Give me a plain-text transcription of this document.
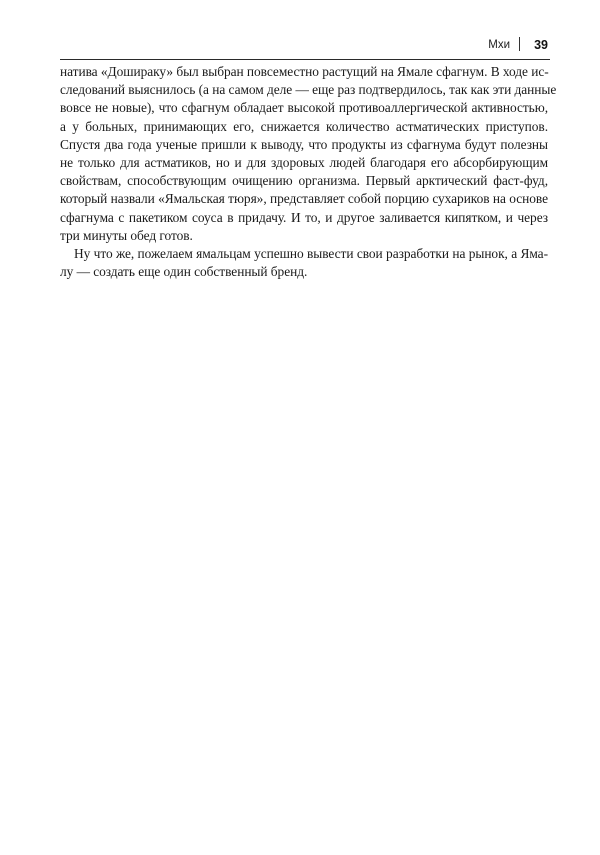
Мхи 39

натива «Дошираку» был выбран повсеместно растущий на Ямале сфагнум. В ходе ис-
следований выяснилось (а на самом деле — еще раз подтвердилось, так как эти данные
вовсе не новые), что сфагнум обладает высокой противоаллергической активностью,
а у больных, принимающих его, снижается количество астматических приступов.
Спустя два года ученые пришли к выводу, что продукты из сфагнума будут полезны
не только для астматиков, но и для здоровых людей благодаря его абсорбирующим
свойствам, способствующим очищению организма. Первый арктический фаст-фуд,
который назвали «Ямальская тюря», представляет собой порцию сухариков на основе
сфагнума с пакетиком соуса в придачу. И то, и другое заливается кипятком, и через
три минуты обед готов.

Ну что же, пожелаем ямальцам успешно вывести свои разработки на рынок, а Яма-
лу — создать еще один собственный бренд.
